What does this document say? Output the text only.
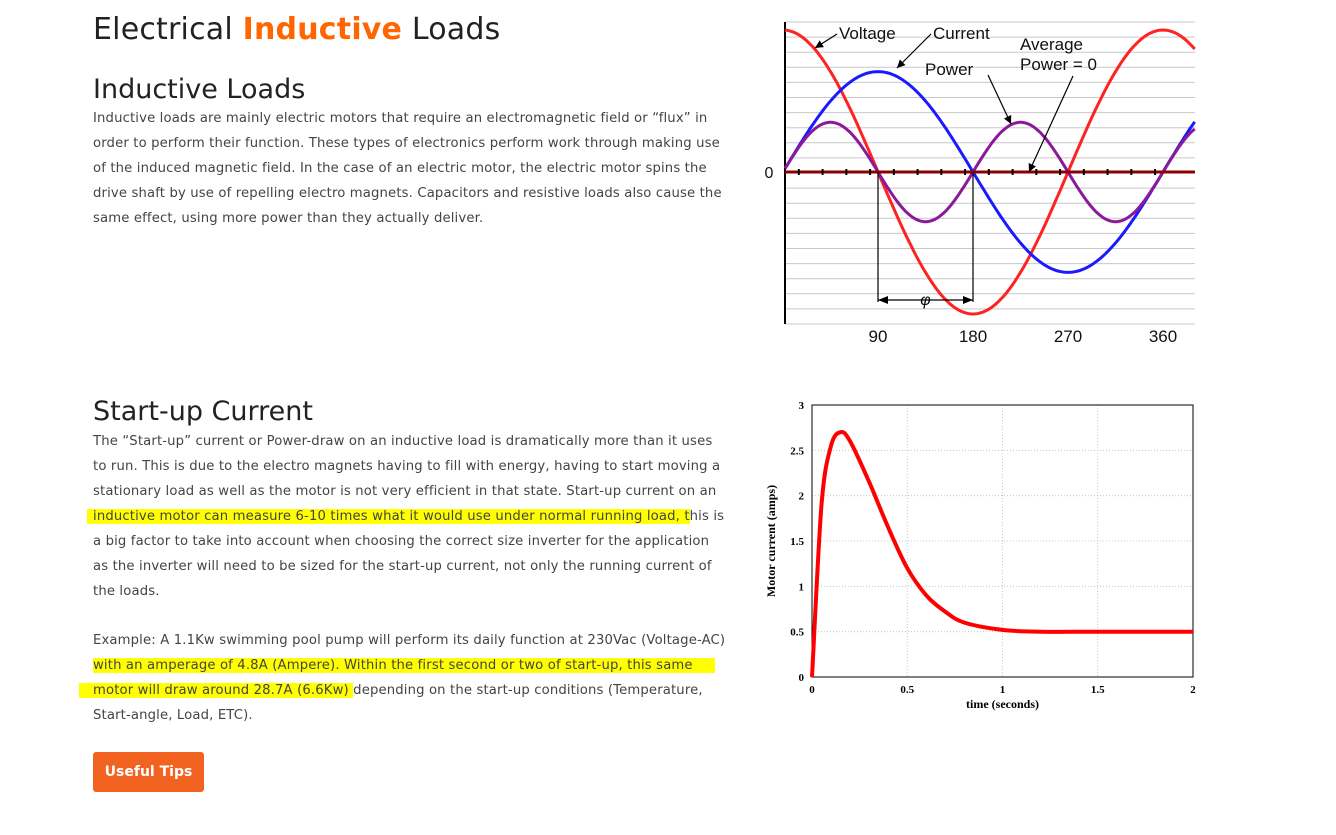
Electrical Inductive Loads
Inductive Loads

Inductive loads are mainly electric motors that require an electromagnetic field or “flux” in
order to perform their function. These types of electronics perform work through making use
of the induced magnetic field. In the case of an electric motor, the electric motor spins the
drive shaft by use of repelling electro magnets. Capacitors and resistive loads also cause the
same effect, using more power than they actually deliver.

Start-up Current

The “Start-up” current or Power-draw on an inductive load is dramatically more than it uses
to run. This is due to the electro magnets having to fill with energy, having to start moving a
stationary load as well as the motor is not very efficient in that state. Start-up current on an
inductive motor can measure 6-10 times what it would use under normal running load, this is
a big factor to take into account when choosing the correct size inverter for the application
as the inverter will need to be sized for the start-up current, not only the running current of
the loads.

Example: A 1.1Kw swimming pool pump will perform its daily function at 230Vac (Voltage-AC)
with an amperage of 4.8A (Ampere). Within the first second or two of start-up, this same
motor will draw around 28.7A (6.6Kw) depending on the start-up conditions (Temperature,
Start-angle, Load, ETC).

Useful Tips
90	180	270	360
0
φ
Voltage Current
Power
Average
Power = 0
0	0.5	1	1.5	2
0
0.5
1
1.5
2
2.5
3
time (seconds)
Motor current (amps)
